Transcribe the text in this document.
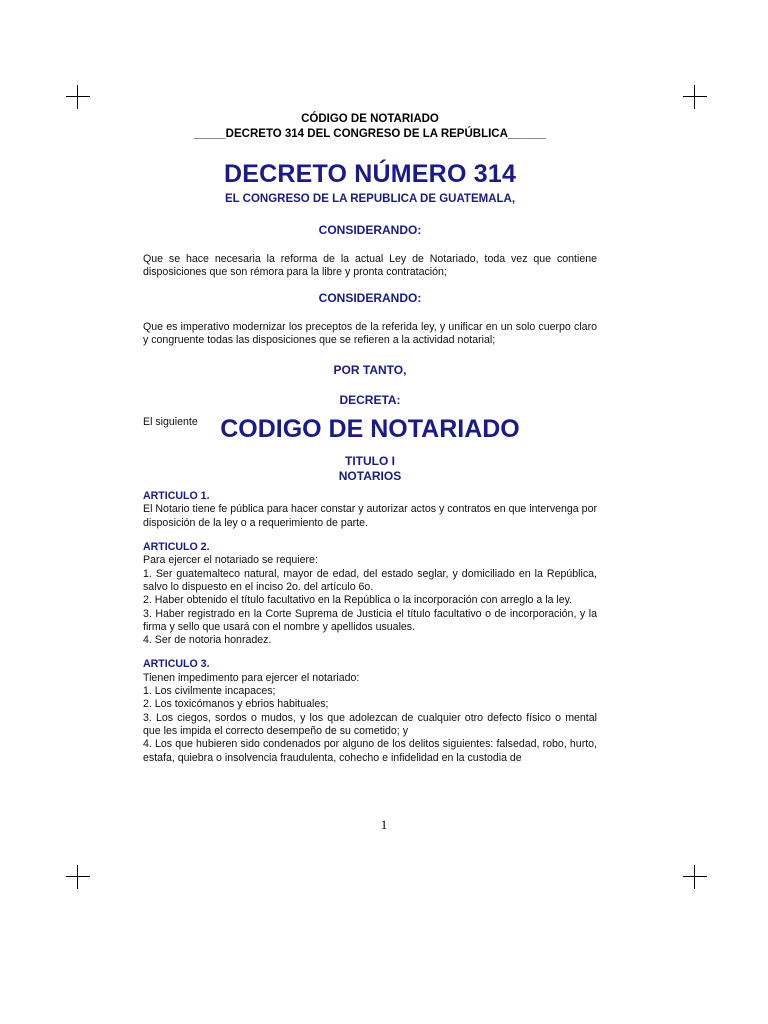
CÓDIGO DE NOTARIADO
_____DECRETO 314 DEL CONGRESO DE LA REPÚBLICA______
DECRETO NÚMERO 314
EL CONGRESO DE LA REPUBLICA DE GUATEMALA,
CONSIDERANDO:
Que se hace necesaria la reforma de la actual Ley de Notariado, toda vez que contiene disposiciones que son rémora para la libre y pronta contratación;
CONSIDERANDO:
Que es imperativo modernizar los preceptos de la referida ley, y unificar en un solo cuerpo claro y congruente todas las disposiciones que se refieren a la actividad notarial;
POR TANTO,
DECRETA:
El siguiente CODIGO DE NOTARIADO
TITULO I
NOTARIOS
ARTICULO 1.
El Notario tiene fe pública para hacer constar y autorizar actos y contratos en que intervenga por disposición de la ley o a requerimiento de parte.
ARTICULO 2.
Para ejercer el notariado se requiere:
1. Ser guatemalteco natural, mayor de edad, del estado seglar, y domiciliado en la República, salvo lo dispuesto en el inciso 2o. del artículo 6o.
2. Haber obtenido el título facultativo en la República o la incorporación con arreglo a la ley.
3. Haber registrado en la Corte Suprema de Justicia el título facultativo o de incorporación, y la firma y sello que usará con el nombre y apellidos usuales.
4. Ser de notoria honradez.
ARTICULO 3.
Tienen impedimento para ejercer el notariado:
1. Los civilmente incapaces;
2. Los toxicómanos y ebrios habituales;
3. Los ciegos, sordos o mudos, y los que adolezcan de cualquier otro defecto físico o mental que les impida el correcto desempeño de su cometido; y
4. Los que hubieren sido condenados por alguno de los delitos siguientes: falsedad, robo, hurto, estafa, quiebra o insolvencia fraudulenta, cohecho e infidelidad en la custodia de
1
